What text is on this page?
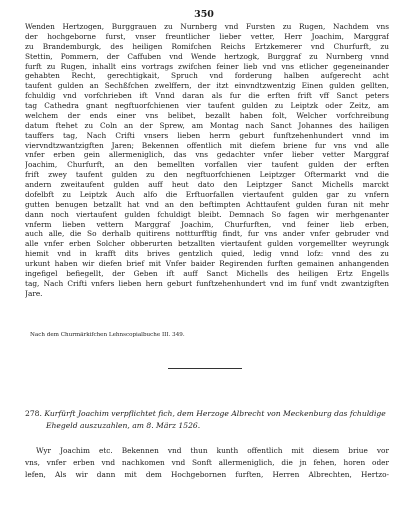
350
Wenden Hertzogen, Burggrauen zu Nurnberg vnd Fursten zu Rugen, Nachdem vns
der hochgeborne furst, vnser freuntlicher lieber vetter, Herr Joachim, Marggraf
zu Brandemburgk, des heiligen Romifchen Reichs Ertzkemerer vnd Churfurft, zu
Stettin, Pommern, der Caffuben vnd Wende hertzogk, Burggraf zu Nurnberg vnnd
furft zu Rugen, inhallt eins vortrags zwifchen feiner lieb vnd vns etlicher gegeneinander
gehabten Recht, gerechtigkait, Spruch vnd forderung halben aufgerecht acht
taufent gulden an Sechßfchen zwelffern, der itzt einvndtzwentzig Einen gulden gellten,
fchuldig vnd vorfchrieben ift Vnnd daran als fur die erften frift vff Sanct peters
tag Cathedra gnant negftuorfchienen vier taufent gulden zu Leiptzk oder Zeitz, am
welchem der ends einer vns belibet, bezallt haben folt, Welcher vorfchreibung
datum ftehet zu Coln an der Sprew, am Montag nach Sanct Johannes des hailigen
tauffers tag, Nach Crifti vnsers lieben herrn geburt funftzehenhundert vnnd im
viervndtzwantzigften Jaren; Bekennen offentlich mit diefem briene fur vns vnd alle
vnfer erben gein allermeniglich, das vns gedachter vnfer lieber vetter Marggraf
Joachim, Churfurft, an den bemellten vorfallen vier taufent gulden der erften
frift zwey taufent gulden zu den negftuorfchienen Leiptzger Oftermarkt vnd die
andern zweitaufent gulden auff heut dato den Leiptzger Sanct Michells marckt
dofelbft zu Leiptzk Auch alfo die Erftuorfallen viertaufent gulden gar zu vnfern
gutten benugen betzallt hat vnd an den beftimpten Achttaufent gulden furan nit mehr
dann noch viertaufent gulden fchuldigt bleibt. Demnach So fagen wir merhgenanter
vnferm lieben vettern Marggraf Joachim, Churfurften, vnd feiner lieb erben,
auch alle, die So derhalb quitirens nottturfftig findt, fur vns ander vnfer gebruder vnd
alle vnfer erben Solcher obberurten betzallten viertaufent gulden vorgemellter weyrungk
hiemit vnd in krafft dits brives gentzlich quied, ledig vnnd lofz: vnnd des zu
urkunt haben wir diefen brief mit Vnfer baider Regirenden furften gemainen anhangenden
ingefigel befiegellt, der Geben ift auff Sanct Michells des heiligen Ertz Engells
tag, Nach Crifti vnfers lieben hern geburt funftzehenhundert vnd im funf vndt zwantzigften
Jare.
Nach dem Churmärkifchen Lehnscopialbuche III. 349.
278. Kurfürft Joachim verpflichtet fich, dem Herzoge Albrecht von Meckenburg das fchuldige
Ehegeld auszuzahlen, am 8. März 1526.
Wyr Joachim etc. Bekennen vnd thun kunth offentlich mit diesem briue vor
vns, vnfer erben vnd nachkomen vnd Sonft allermeniglich, die jn fehen, horen oder
lefen, Als wir dann mit dem Hochgebornen furften, Herren Albrechten, Hertzo-
